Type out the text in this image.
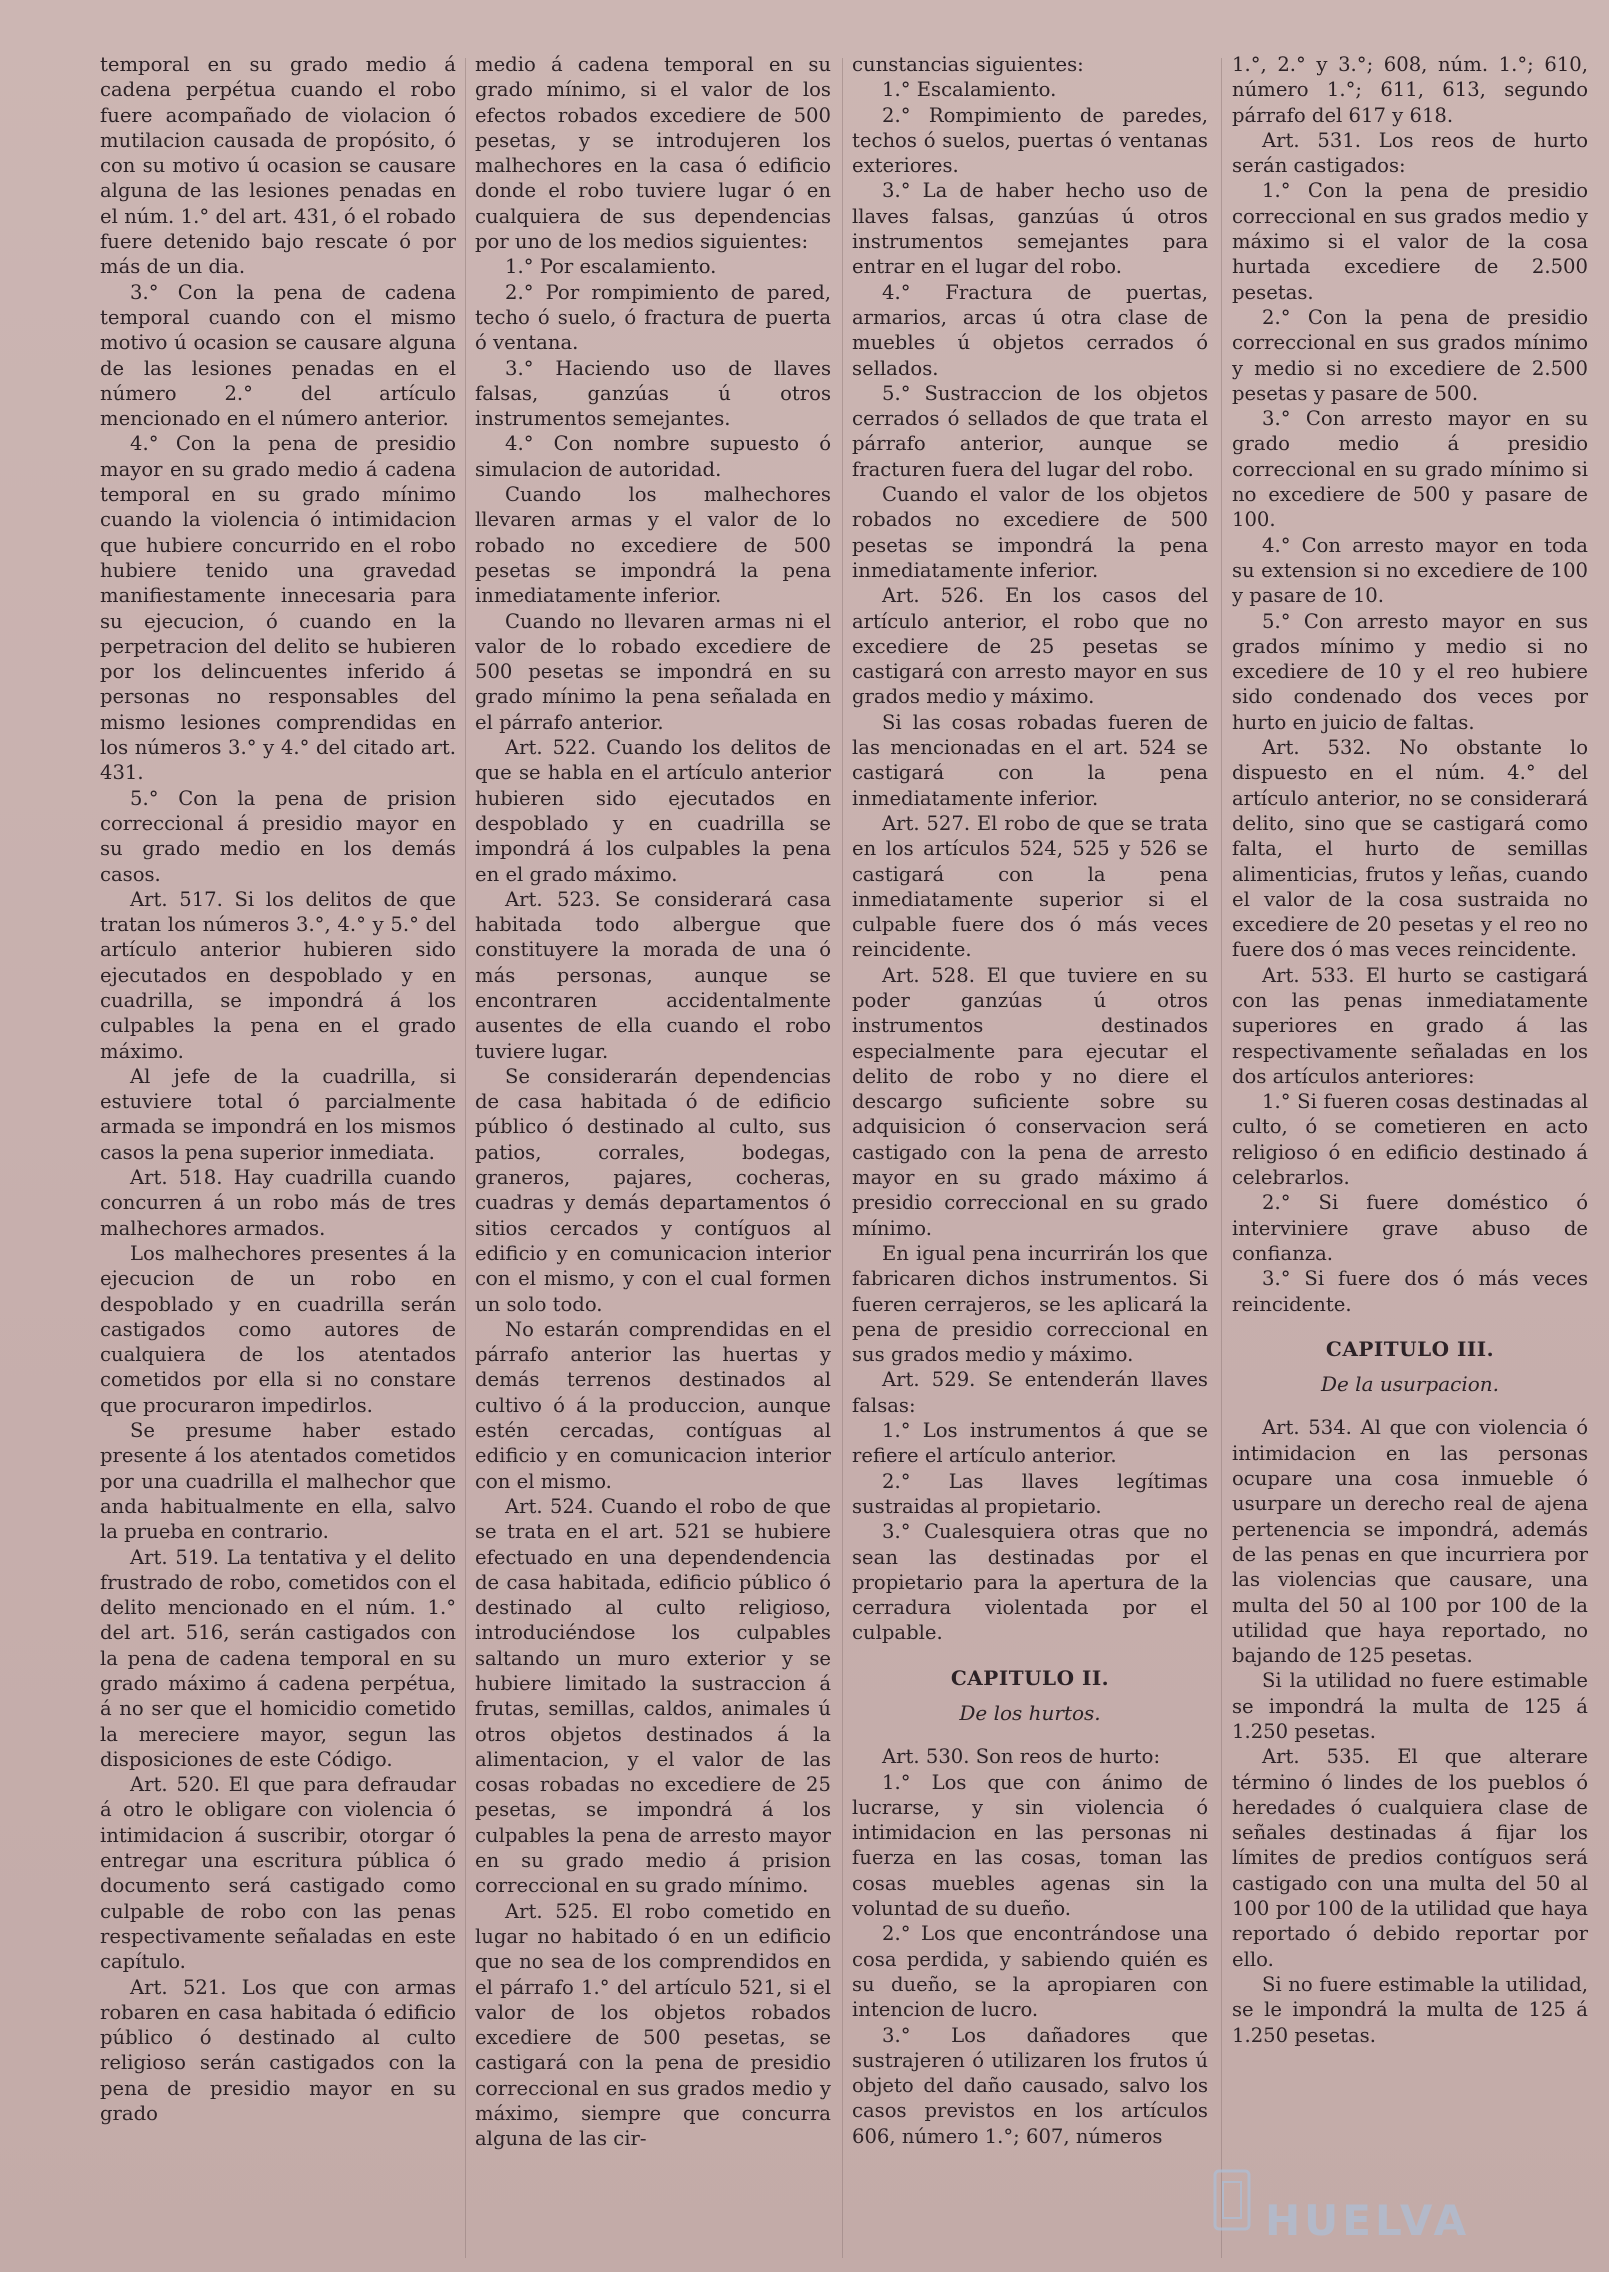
temporal en su grado medio á cadena perpétua cuando el robo fuere acompañado de violacion ó mutilacion causada de propósito, ó con su motivo ú ocasion se causare alguna de las lesiones penadas en el núm. 1.° del art. 431, ó el robado fuere detenido bajo rescate ó por más de un dia.

3.° Con la pena de cadena temporal cuando con el mismo motivo ú ocasion se causare alguna de las lesiones penadas en el número 2.° del artículo mencionado en el número anterior.

4.° Con la pena de presidio mayor en su grado medio á cadena temporal en su grado mínimo cuando la violencia ó intimidacion que hubiere concurrido en el robo hubiere tenido una gravedad manifiestamente innecesaria para su ejecucion, ó cuando en la perpetracion del delito se hubieren por los delincuentes inferido á personas no responsables del mismo lesiones comprendidas en los números 3.° y 4.° del citado art. 431.

5.° Con la pena de prision correccional á presidio mayor en su grado medio en los demás casos.

Art. 517. Si los delitos de que tratan los números 3.°, 4.° y 5.° del artículo anterior hubieren sido ejecutados en despoblado y en cuadrilla, se impondrá á los culpables la pena en el grado máximo.

Al jefe de la cuadrilla, si estuviere total ó parcialmente armada se impondrá en los mismos casos la pena superior inmediata.

Art. 518. Hay cuadrilla cuando concurren á un robo más de tres malhechores armados.

Los malhechores presentes á la ejecucion de un robo en despoblado y en cuadrilla serán castigados como autores de cualquiera de los atentados cometidos por ella si no constare que procuraron impedirlos.

Se presume haber estado presente á los atentados cometidos por una cuadrilla el malhechor que anda habitualmente en ella, salvo la prueba en contrario.

Art. 519. La tentativa y el delito frustrado de robo, cometidos con el delito mencionado en el núm. 1.° del art. 516, serán castigados con la pena de cadena temporal en su grado máximo á cadena perpétua, á no ser que el homicidio cometido la mereciere mayor, segun las disposiciones de este Código.

Art. 520. El que para defraudar á otro le obligare con violencia ó intimidacion á suscribir, otorgar ó entregar una escritura pública ó documento será castigado como culpable de robo con las penas respectivamente señaladas en este capítulo.

Art. 521. Los que con armas robaren en casa habitada ó edificio público ó destinado al culto religioso serán castigados con la pena de presidio mayor en su grado

medio á cadena temporal en su grado mínimo, si el valor de los efectos robados excediere de 500 pesetas, y se introdujeren los malhechores en la casa ó edificio donde el robo tuviere lugar ó en cualquiera de sus dependencias por uno de los medios siguientes:

1.° Por escalamiento.

2.° Por rompimiento de pared, techo ó suelo, ó fractura de puerta ó ventana.

3.° Haciendo uso de llaves falsas, ganzúas ú otros instrumentos semejantes.

4.° Con nombre supuesto ó simulacion de autoridad.

Cuando los malhechores llevaren armas y el valor de lo robado no excediere de 500 pesetas se impondrá la pena inmediatamente inferior.

Cuando no llevaren armas ni el valor de lo robado excediere de 500 pesetas se impondrá en su grado mínimo la pena señalada en el párrafo anterior.

Art. 522. Cuando los delitos de que se habla en el artículo anterior hubieren sido ejecutados en despoblado y en cuadrilla se impondrá á los culpables la pena en el grado máximo.

Art. 523. Se considerará casa habitada todo albergue que constituyere la morada de una ó más personas, aunque se encontraren accidentalmente ausentes de ella cuando el robo tuviere lugar.

Se considerarán dependencias de casa habitada ó de edificio público ó destinado al culto, sus patios, corrales, bodegas, graneros, pajares, cocheras, cuadras y demás departamentos ó sitios cercados y contíguos al edificio y en comunicacion interior con el mismo, y con el cual formen un solo todo.

No estarán comprendidas en el párrafo anterior las huertas y demás terrenos destinados al cultivo ó á la produccion, aunque estén cercadas, contíguas al edificio y en comunicacion interior con el mismo.

Art. 524. Cuando el robo de que se trata en el art. 521 se hubiere efectuado en una dependendencia de casa habitada, edificio público ó destinado al culto religioso, introduciéndose los culpables saltando un muro exterior y se hubiere limitado la sustraccion á frutas, semillas, caldos, animales ú otros objetos destinados á la alimentacion, y el valor de las cosas robadas no excediere de 25 pesetas, se impondrá á los culpables la pena de arresto mayor en su grado medio á prision correccional en su grado mínimo.

Art. 525. El robo cometido en lugar no habitado ó en un edificio que no sea de los comprendidos en el párrafo 1.° del artículo 521, si el valor de los objetos robados excediere de 500 pesetas, se castigará con la pena de presidio correccional en sus grados medio y máximo, siempre que concurra alguna de las cir-

cunstancias siguientes:

1.° Escalamiento.

2.° Rompimiento de paredes, techos ó suelos, puertas ó ventanas exteriores.

3.° La de haber hecho uso de llaves falsas, ganzúas ú otros instrumentos semejantes para entrar en el lugar del robo.

4.° Fractura de puertas, armarios, arcas ú otra clase de muebles ú objetos cerrados ó sellados.

5.° Sustraccion de los objetos cerrados ó sellados de que trata el párrafo anterior, aunque se fracturen fuera del lugar del robo.

Cuando el valor de los objetos robados no excediere de 500 pesetas se impondrá la pena inmediatamente inferior.

Art. 526. En los casos del artículo anterior, el robo que no excediere de 25 pesetas se castigará con arresto mayor en sus grados medio y máximo.

Si las cosas robadas fueren de las mencionadas en el art. 524 se castigará con la pena inmediatamente inferior.

Art. 527. El robo de que se trata en los artículos 524, 525 y 526 se castigará con la pena inmediatamente superior si el culpable fuere dos ó más veces reincidente.

Art. 528. El que tuviere en su poder ganzúas ú otros instrumentos destinados especialmente para ejecutar el delito de robo y no diere el descargo suficiente sobre su adquisicion ó conservacion será castigado con la pena de arresto mayor en su grado máximo á presidio correccional en su grado mínimo.

En igual pena incurrirán los que fabricaren dichos instrumentos. Si fueren cerrajeros, se les aplicará la pena de presidio correccional en sus grados medio y máximo.

Art. 529. Se entenderán llaves falsas:

1.° Los instrumentos á que se refiere el artículo anterior.

2.° Las llaves legítimas sustraidas al propietario.

3.° Cualesquiera otras que no sean las destinadas por el propietario para la apertura de la cerradura violentada por el culpable.

CAPITULO II.

De los hurtos.

Art. 530. Son reos de hurto:

1.° Los que con ánimo de lucrarse, y sin violencia ó intimidacion en las personas ni fuerza en las cosas, toman las cosas muebles agenas sin la voluntad de su dueño.

2.° Los que encontrándose una cosa perdida, y sabiendo quién es su dueño, se la apropiaren con intencion de lucro.

3.° Los dañadores que sustrajeren ó utilizaren los frutos ú objeto del daño causado, salvo los casos previstos en los artículos 606, número 1.°; 607, números

1.°, 2.° y 3.°; 608, núm. 1.°; 610, número 1.°; 611, 613, segundo párrafo del 617 y 618.

Art. 531. Los reos de hurto serán castigados:

1.° Con la pena de presidio correccional en sus grados medio y máximo si el valor de la cosa hurtada excediere de 2.500 pesetas.

2.° Con la pena de presidio correccional en sus grados mínimo y medio si no excediere de 2.500 pesetas y pasare de 500.

3.° Con arresto mayor en su grado medio á presidio correccional en su grado mínimo si no excediere de 500 y pasare de 100.

4.° Con arresto mayor en toda su extension si no excediere de 100 y pasare de 10.

5.° Con arresto mayor en sus grados mínimo y medio si no excediere de 10 y el reo hubiere sido condenado dos veces por hurto en juicio de faltas.

Art. 532. No obstante lo dispuesto en el núm. 4.° del artículo anterior, no se considerará delito, sino que se castigará como falta, el hurto de semillas alimenticias, frutos y leñas, cuando el valor de la cosa sustraida no excediere de 20 pesetas y el reo no fuere dos ó mas veces reincidente.

Art. 533. El hurto se castigará con las penas inmediatamente superiores en grado á las respectivamente señaladas en los dos artículos anteriores:

1.° Si fueren cosas destinadas al culto, ó se cometieren en acto religioso ó en edificio destinado á celebrarlos.

2.° Si fuere doméstico ó interviniere grave abuso de confianza.

3.° Si fuere dos ó más veces reincidente.

CAPITULO III.

De la usurpacion.

Art. 534. Al que con violencia ó intimidacion en las personas ocupare una cosa inmueble ó usurpare un derecho real de ajena pertenencia se impondrá, además de las penas en que incurriera por las violencias que causare, una multa del 50 al 100 por 100 de la utilidad que haya reportado, no bajando de 125 pesetas.

Si la utilidad no fuere estimable se impondrá la multa de 125 á 1.250 pesetas.

Art. 535. El que alterare término ó lindes de los pueblos ó heredades ó cualquiera clase de señales destinadas á fijar los límites de predios contíguos será castigado con una multa del 50 al 100 por 100 de la utilidad que haya reportado ó debido reportar por ello.

Si no fuere estimable la utilidad, se le impondrá la multa de 125 á 1.250 pesetas.

HUELVA
